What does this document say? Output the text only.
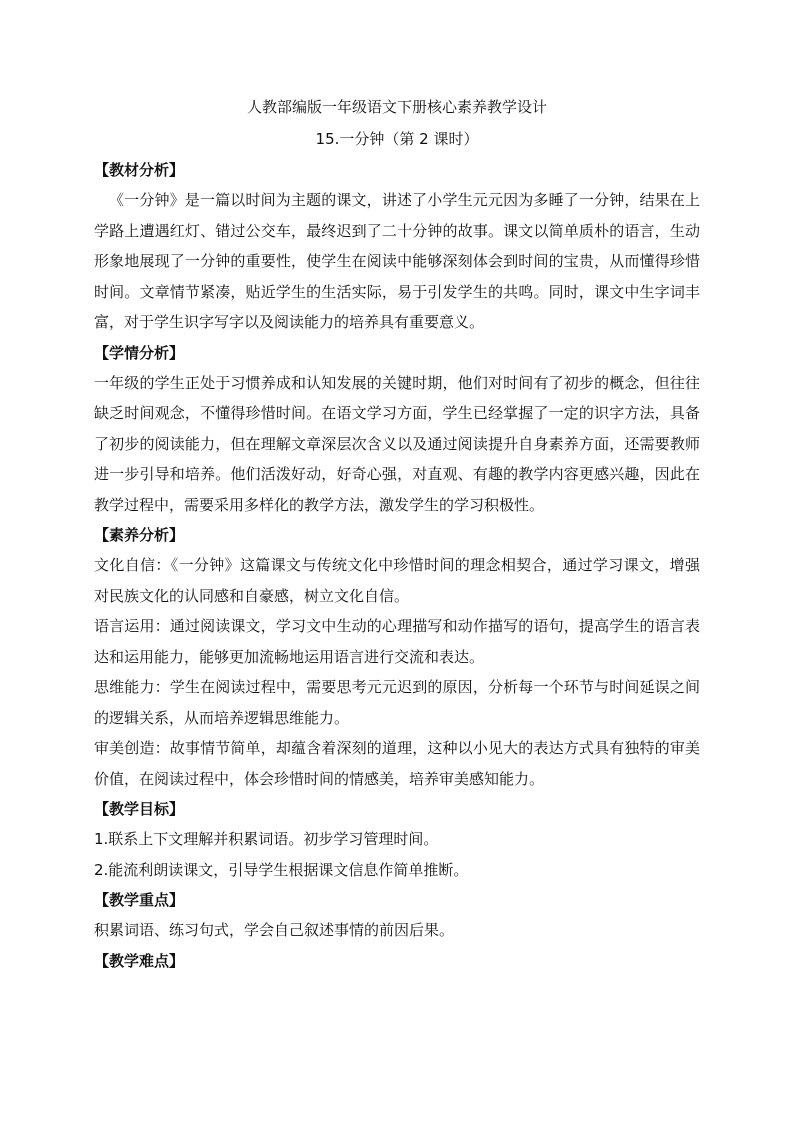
人教部编版一年级语文下册核心素养教学设计
15.一分钟（第 2 课时）
【教材分析】

《一分钟》是一篇以时间为主题的课文，讲述了小学生元元因为多睡了一分钟，结果在上学路上遭遇红灯、错过公交车，最终迟到了二十分钟的故事。课文以简单质朴的语言，生动形象地展现了一分钟的重要性，使学生在阅读中能够深刻体会到时间的宝贵，从而懂得珍惜时间。文章情节紧凑，贴近学生的生活实际，易于引发学生的共鸣。同时，课文中生字词丰富，对于学生识字写字以及阅读能力的培养具有重要意义。

【学情分析】

一年级的学生正处于习惯养成和认知发展的关键时期，他们对时间有了初步的概念，但往往缺乏时间观念，不懂得珍惜时间。在语文学习方面，学生已经掌握了一定的识字方法，具备了初步的阅读能力，但在理解文章深层次含义以及通过阅读提升自身素养方面，还需要教师进一步引导和培养。他们活泼好动，好奇心强，对直观、有趣的教学内容更感兴趣，因此在教学过程中，需要采用多样化的教学方法，激发学生的学习积极性。

【素养分析】

文化自信：《一分钟》这篇课文与传统文化中珍惜时间的理念相契合，通过学习课文，增强对民族文化的认同感和自豪感，树立文化自信。

语言运用：通过阅读课文，学习文中生动的心理描写和动作描写的语句，提高学生的语言表达和运用能力，能够更加流畅地运用语言进行交流和表达。

思维能力：学生在阅读过程中，需要思考元元迟到的原因，分析每一个环节与时间延误之间的逻辑关系，从而培养逻辑思维能力。

审美创造：故事情节简单，却蕴含着深刻的道理，这种以小见大的表达方式具有独特的审美价值，在阅读过程中，体会珍惜时间的情感美，培养审美感知能力。

【教学目标】

1.联系上下文理解并积累词语。初步学习管理时间。

2.能流利朗读课文，引导学生根据课文信息作简单推断。

【教学重点】

积累词语、练习句式，学会自己叙述事情的前因后果。

【教学难点】
